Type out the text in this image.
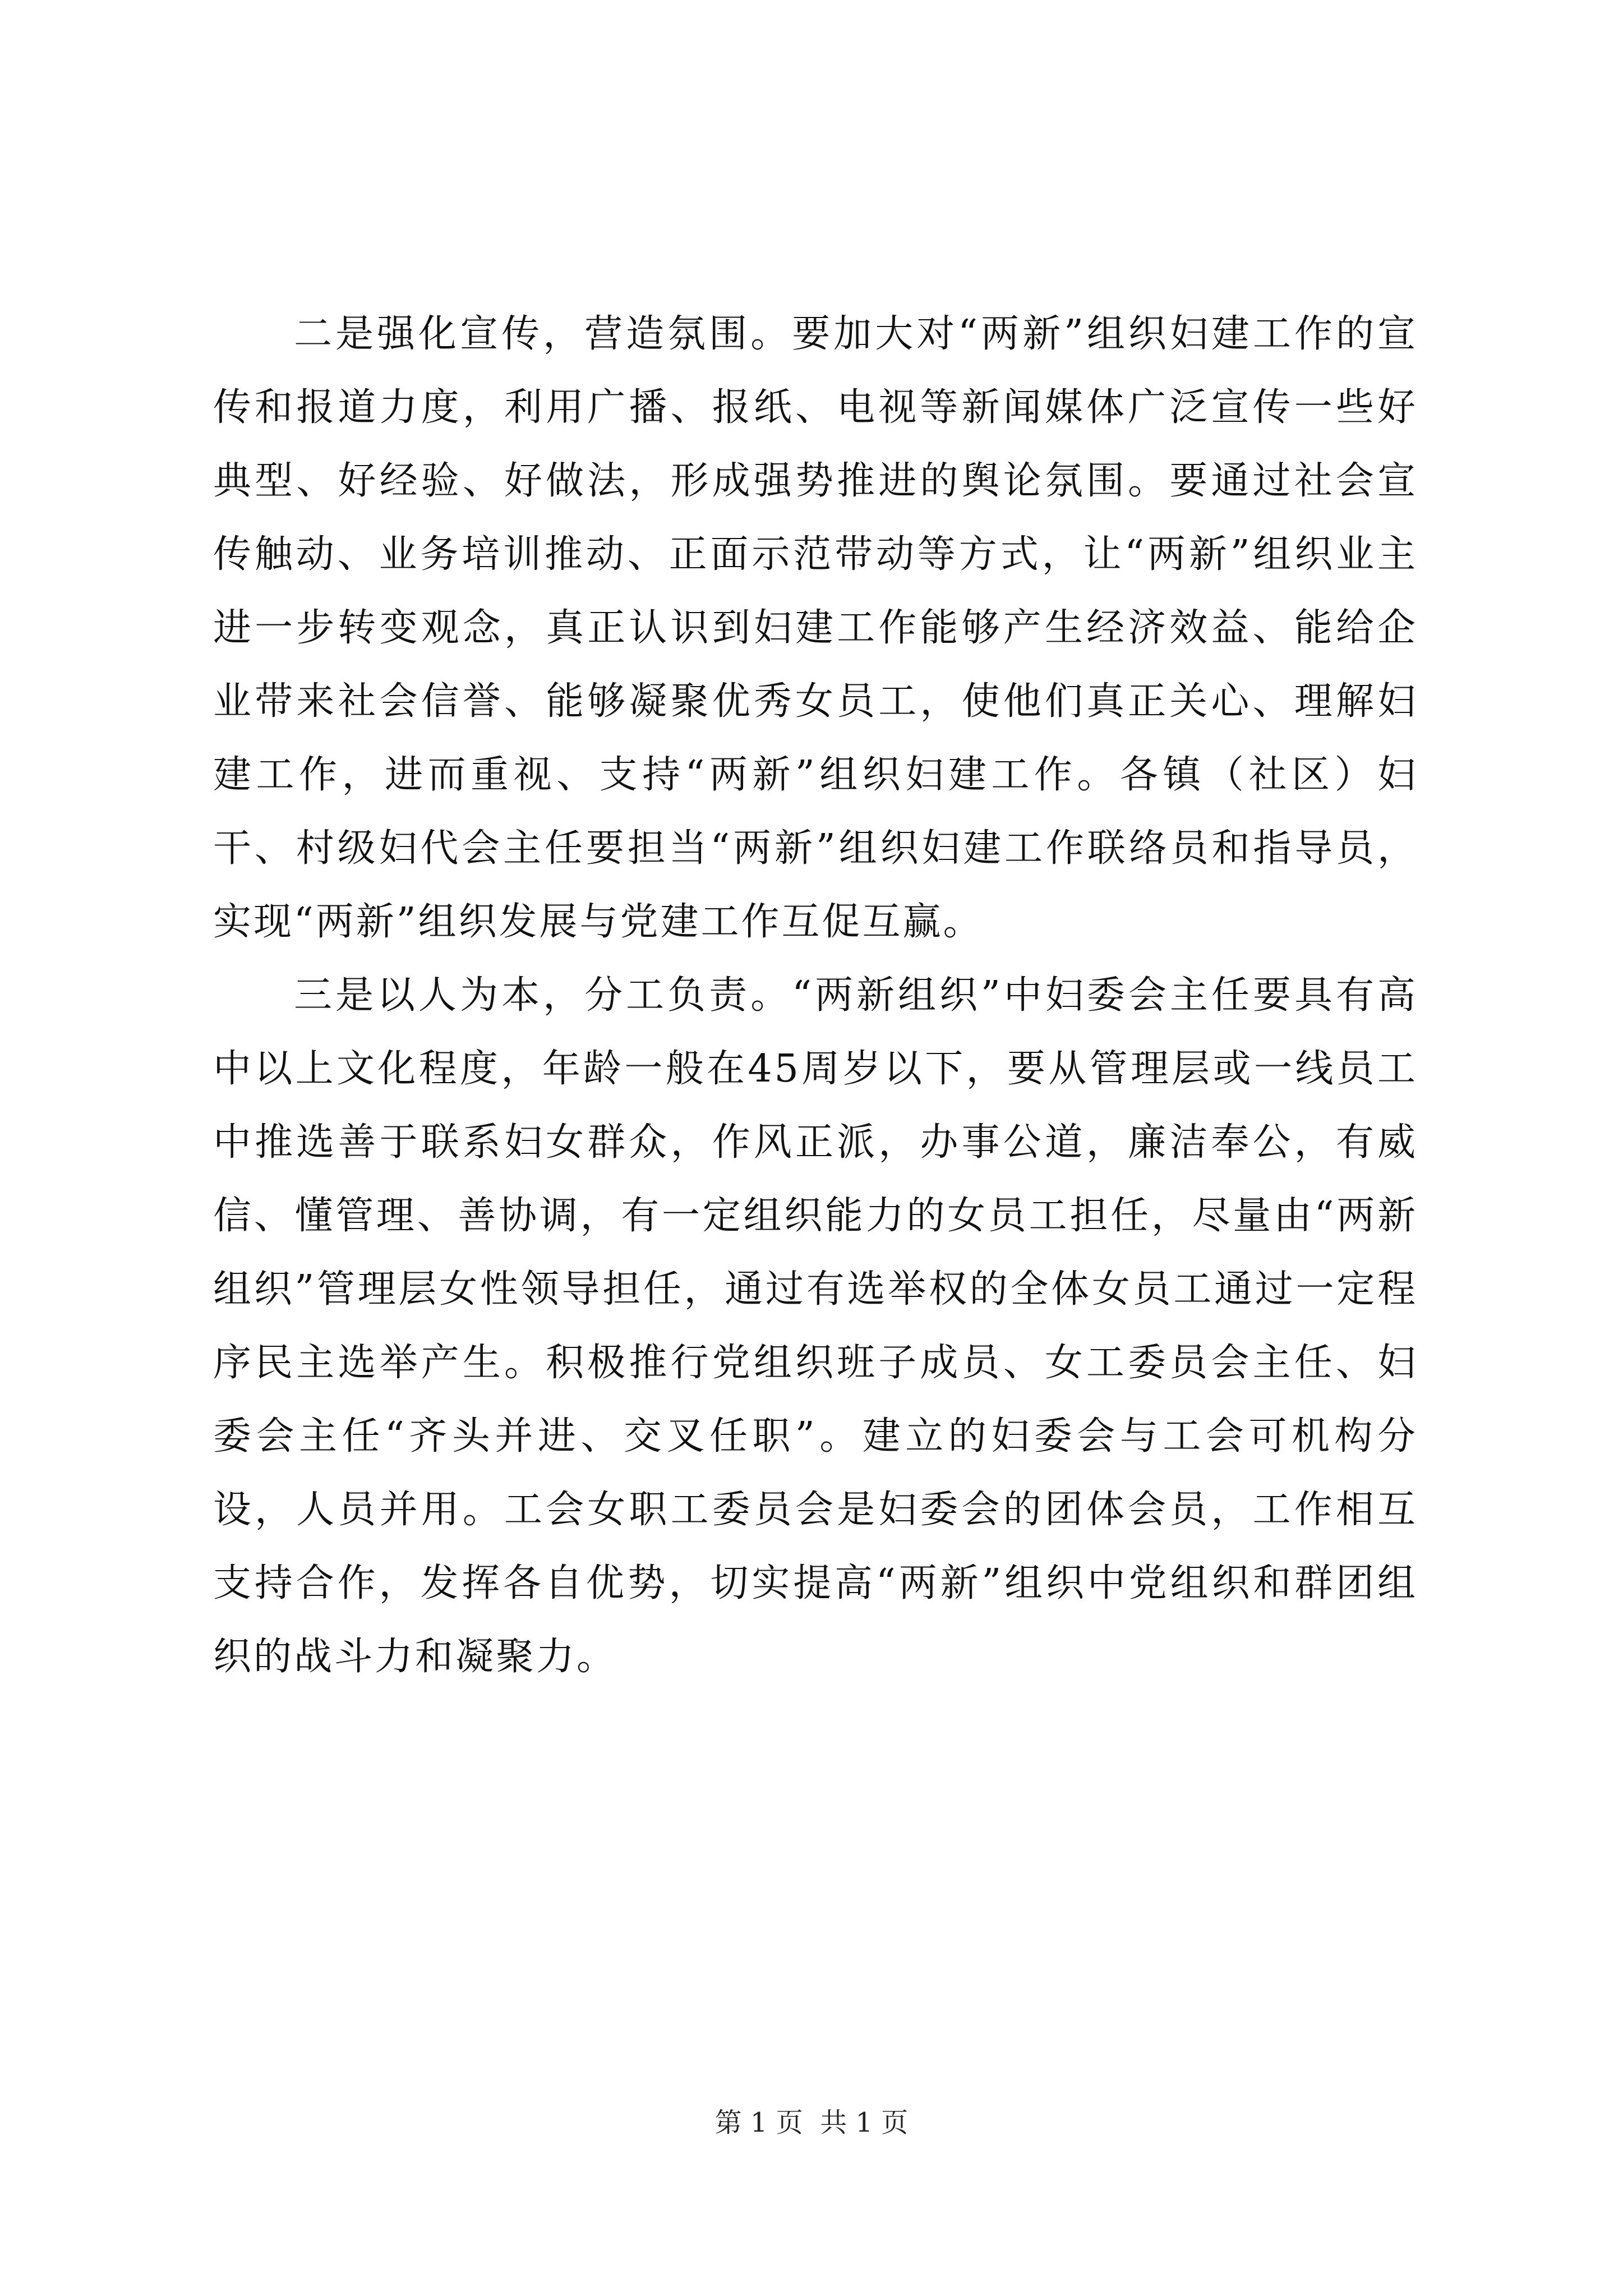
二是强化宣传，营造氛围。要加大对“两新”组织妇建工作的宣传和报道力度，利用广播、报纸、电视等新闻媒体广泛宣传一些好典型、好经验、好做法，形成强势推进的舆论氛围。要通过社会宣传触动、业务培训推动、正面示范带动等方式，让“两新”组织业主进一步转变观念，真正认识到妇建工作能够产生经济效益、能给企业带来社会信誉、能够凝聚优秀女员工，使他们真正关心、理解妇建工作，进而重视、支持“两新”组织妇建工作。各镇（社区）妇干、村级妇代会主任要担当“两新”组织妇建工作联络员和指导员，实现“两新”组织发展与党建工作互促互赢。

三是以人为本，分工负责。“两新组织”中妇委会主任要具有高中以上文化程度，年龄一般在45周岁以下，要从管理层或一线员工中推选善于联系妇女群众，作风正派，办事公道，廉洁奉公，有威信、懂管理、善协调，有一定组织能力的女员工担任，尽量由“两新组织”管理层女性领导担任，通过有选举权的全体女员工通过一定程序民主选举产生。积极推行党组织班子成员、女工委员会主任、妇委会主任“齐头并进、交叉任职”。建立的妇委会与工会可机构分设，人员并用。工会女职工委员会是妇委会的团体会员，工作相互支持合作，发挥各自优势，切实提高“两新”组织中党组织和群团组织的战斗力和凝聚力。

第 1 页  共 1 页
